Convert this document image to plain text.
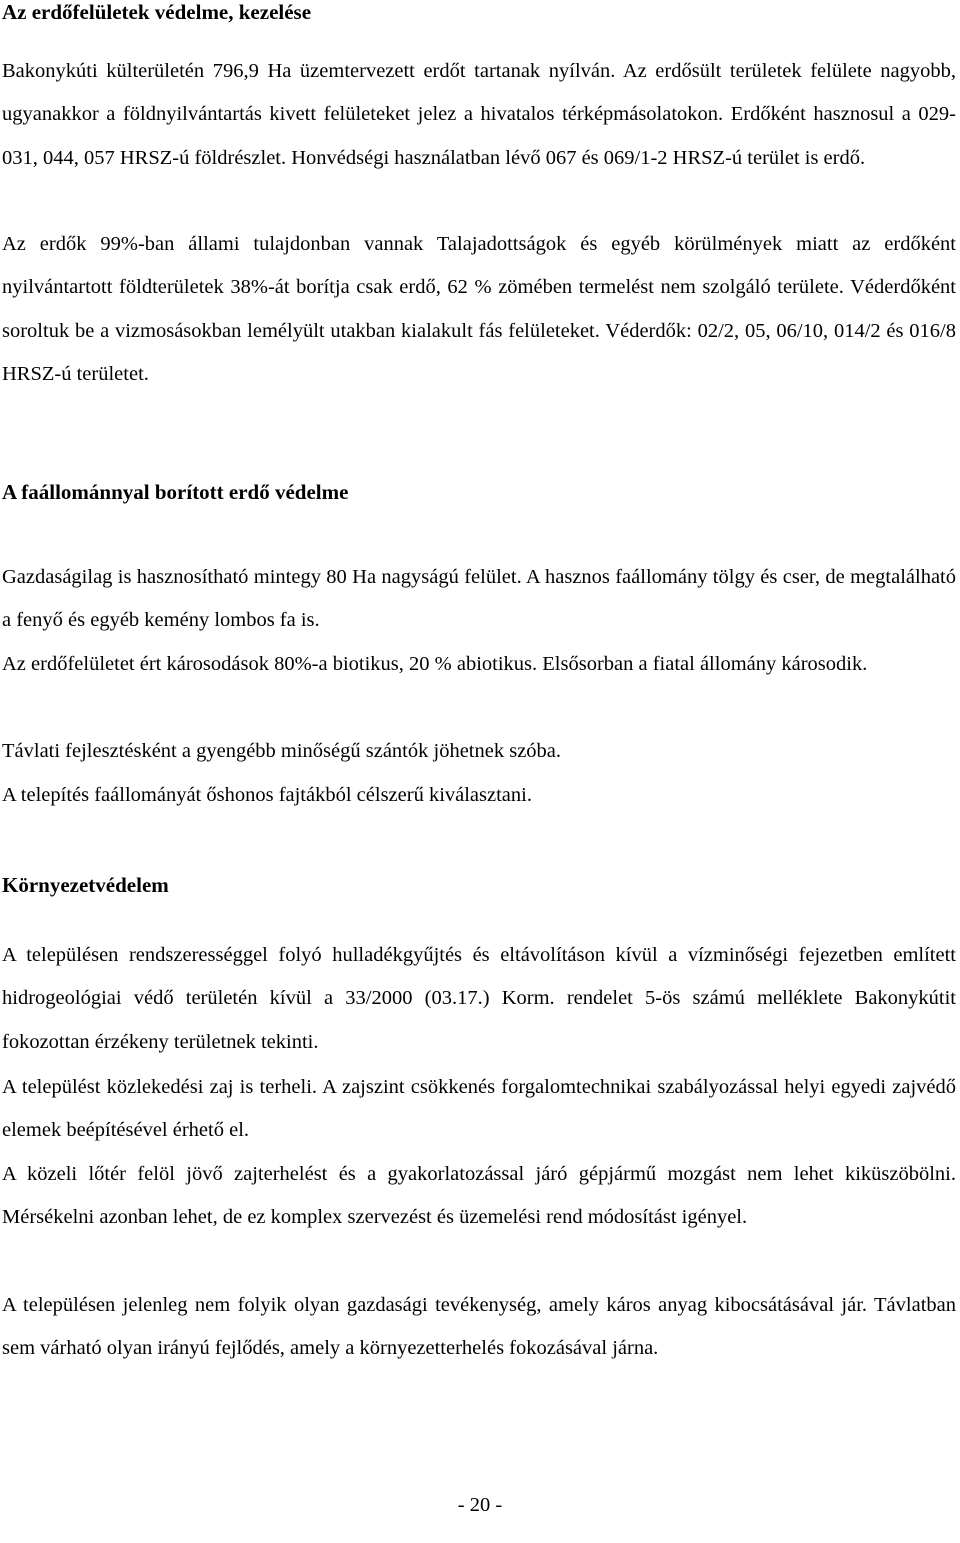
Az erdőfelületek védelme, kezelése

Bakonykúti külterületén 796,9 Ha üzemtervezett erdőt tartanak nyílván. Az erdősült területek felülete nagyobb, ugyanakkor a földnyilvántartás kivett felületeket jelez a hivatalos térképmásolatokon. Erdőként hasznosul a 029-031, 044, 057 HRSZ-ú földrészlet. Honvédségi használatban lévő 067 és 069/1-2 HRSZ-ú terület is erdő.

Az erdők 99%-ban állami tulajdonban vannak Talajadottságok és egyéb körülmények miatt az erdőként nyilvántartott földterületek 38%-át borítja csak erdő, 62 % zömében termelést nem szolgáló területe. Véderdőként soroltuk be a vizmosásokban lemélyült utakban kialakult fás felületeket. Véderdők: 02/2, 05, 06/10, 014/2 és 016/8 HRSZ-ú területet.

A faállománnyal borított erdő védelme

Gazdaságilag is hasznosítható mintegy 80 Ha nagyságú felület. A hasznos faállomány tölgy és cser, de megtalálható a fenyő és egyéb kemény lombos fa is.

Az erdőfelületet ért károsodások 80%-a biotikus, 20 % abiotikus. Elsősorban a fiatal állomány károsodik.

Távlati fejlesztésként a gyengébb minőségű szántók jöhetnek szóba.

A telepítés faállományát őshonos fajtákból célszerű kiválasztani.

Környezetvédelem

A településen rendszerességgel folyó hulladékgyűjtés és eltávolításon kívül a vízminőségi fejezetben említett hidrogeológiai védő területén kívül a 33/2000 (03.17.) Korm. rendelet 5-ös számú melléklete Bakonykútit fokozottan érzékeny területnek tekinti.

A települést közlekedési zaj is terheli. A zajszint csökkenés forgalomtechnikai szabályozással helyi egyedi zajvédő elemek beépítésével érhető el.

A közeli lőtér felöl jövő zajterhelést és a gyakorlatozással járó gépjármű mozgást nem lehet kiküszöbölni. Mérsékelni azonban lehet, de ez komplex szervezést és üzemelési rend módosítást igényel.

A településen jelenleg nem folyik olyan gazdasági tevékenység, amely káros anyag kibocsátásával jár. Távlatban sem várható olyan irányú fejlődés, amely a környezetterhelés fokozásával járna.

- 20 -
